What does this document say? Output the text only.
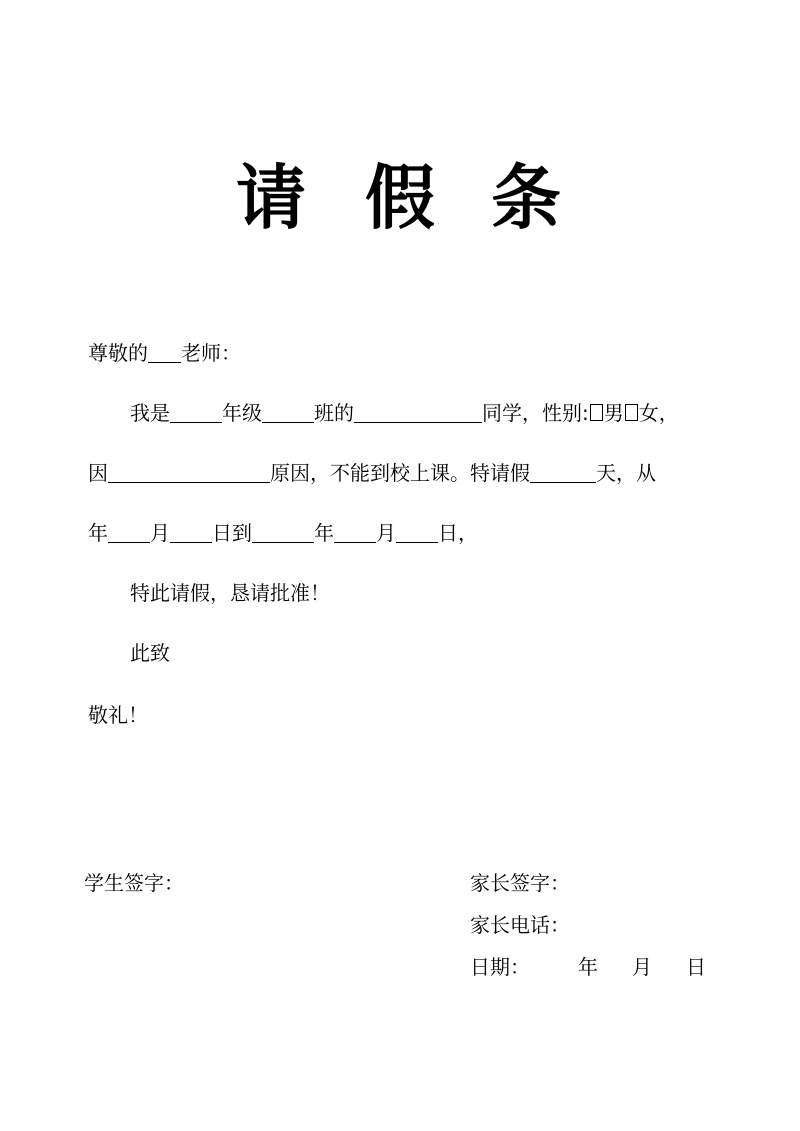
请 假 条
尊敬的 老师：
我是	年级	班的	同学，性别: 男 女，
因	原因，不能到校上课。特请假	天，从
年 月 日到	年 月 日，
特此请假，恳请批准！
此致
敬礼！
学生签字：	家长签字：
家长电话：
日期： 年 月 日
